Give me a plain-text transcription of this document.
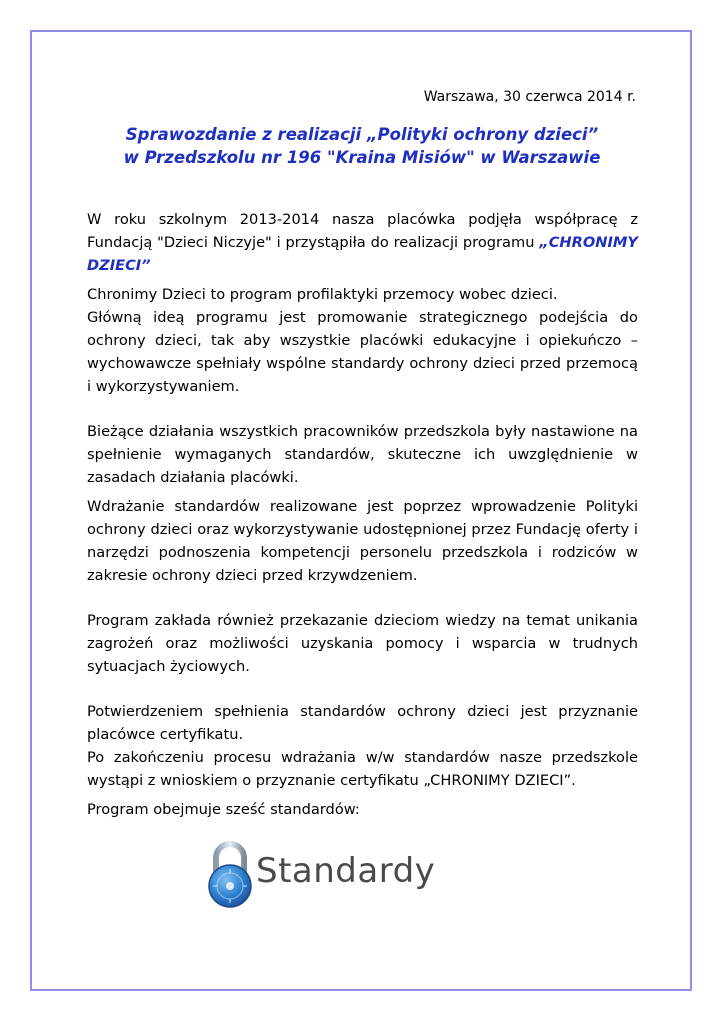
Warszawa, 30 czerwca 2014 r.
Sprawozdanie z realizacji „Polityki ochrony dzieci”
w Przedszkolu nr 196 "Kraina Misiów" w Warszawie

W roku szkolnym 2013-2014 nasza placówka podjęła współpracę z Fundacją "Dzieci Niczyje" i przystąpiła do realizacji programu „CHRONIMY DZIECI”

Chronimy Dzieci to program profilaktyki przemocy wobec dzieci.

Główną ideą programu jest promowanie strategicznego podejścia do ochrony dzieci, tak aby wszystkie placówki edukacyjne i opiekuńczo – wychowawcze spełniały wspólne standardy ochrony dzieci przed przemocą i wykorzystywaniem.

Bieżące działania wszystkich pracowników przedszkola były nastawione na spełnienie wymaganych standardów, skuteczne ich uwzględnienie w zasadach działania placówki.

Wdrażanie standardów realizowane jest poprzez wprowadzenie Polityki ochrony dzieci oraz wykorzystywanie udostępnionej przez Fundację oferty i narzędzi podnoszenia kompetencji personelu przedszkola i rodziców w zakresie ochrony dzieci przed krzywdzeniem.

Program zakłada również przekazanie dzieciom wiedzy na temat unikania zagrożeń oraz możliwości uzyskania pomocy i wsparcia w trudnych sytuacjach życiowych.

Potwierdzeniem spełnienia standardów ochrony dzieci jest przyznanie placówce certyfikatu.

Po zakończeniu procesu wdrażania w/w standardów nasze przedszkole wystąpi z wnioskiem o przyznanie certyfikatu „CHRONIMY DZIECI”.

Program obejmuje sześć standardów:

Standardy
